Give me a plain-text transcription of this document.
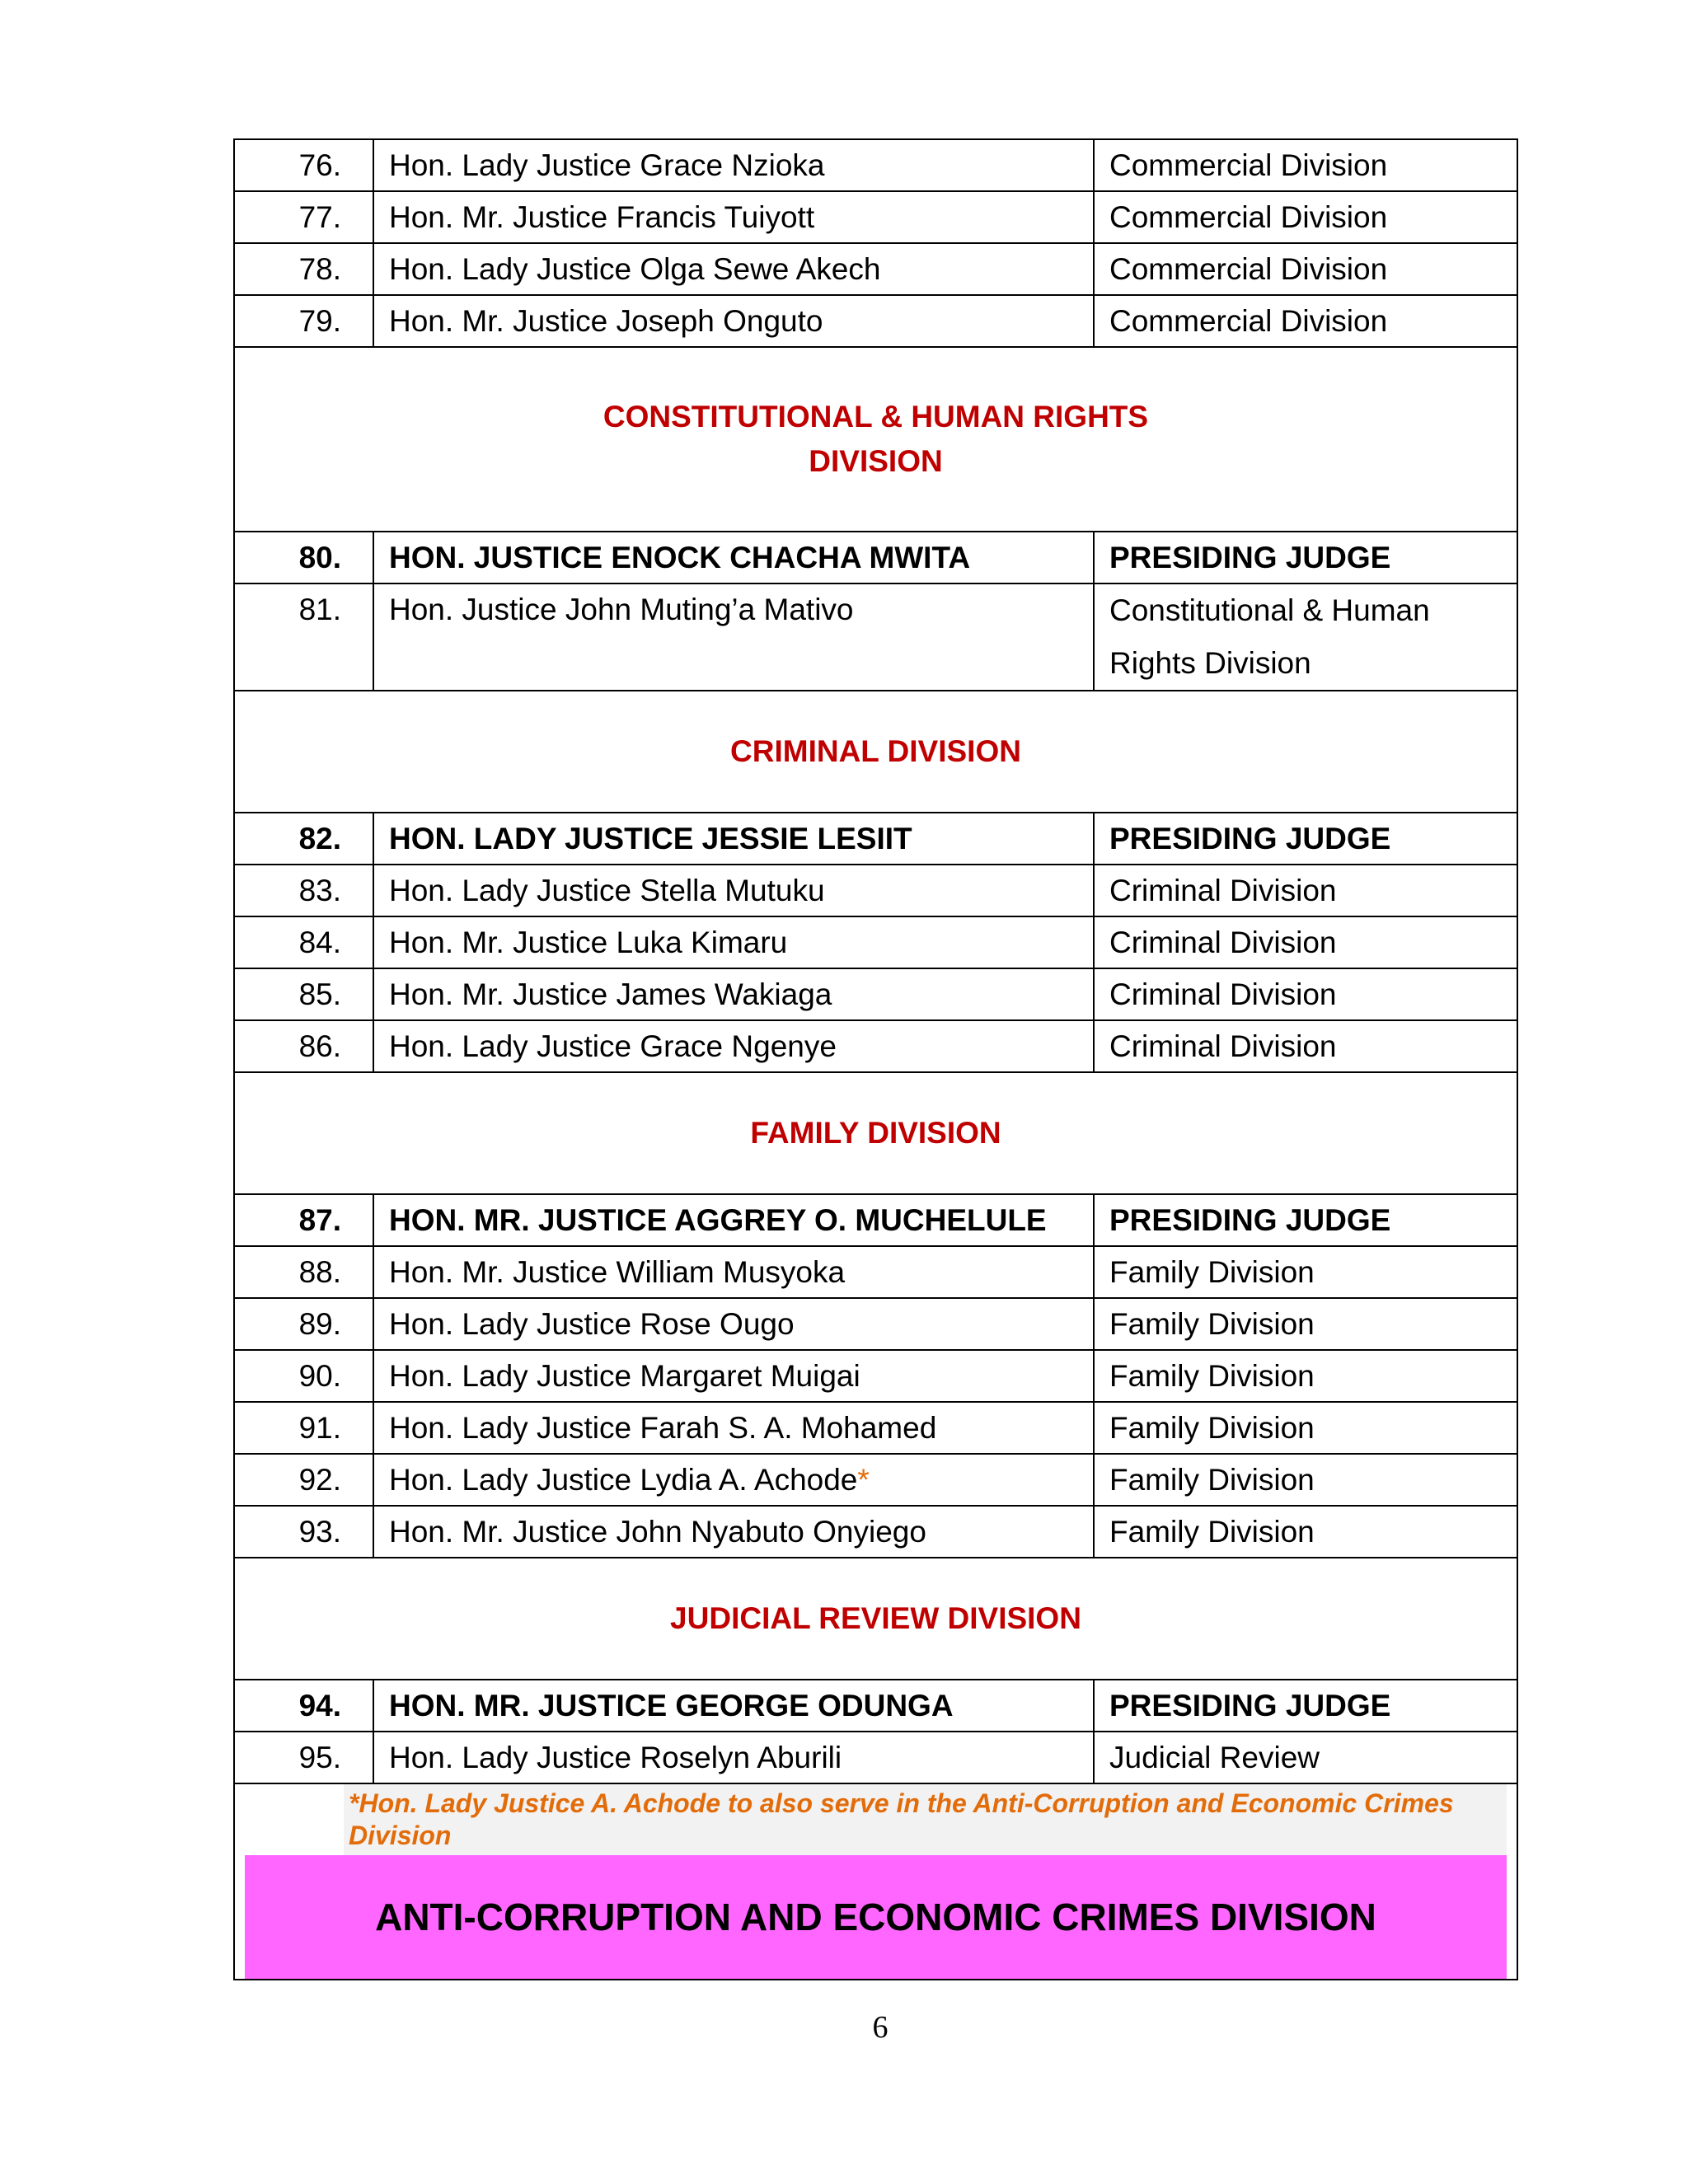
76.	Hon. Lady Justice Grace Nzioka	Commercial Division
77.	Hon. Mr. Justice Francis Tuiyott	Commercial Division
78.	Hon. Lady Justice Olga Sewe Akech	Commercial Division
79.	Hon. Mr. Justice Joseph Onguto	Commercial Division

CONSTITUTIONAL & HUMAN RIGHTS
DIVISION		

80.	HON. JUSTICE ENOCK CHACHA MWITA	PRESIDING JUDGE
81.	Hon. Justice John Muting’a Mativo	Constitutional & Human Rights Division
CRIMINAL DIVISION		
82.	HON. LADY JUSTICE JESSIE LESIIT	PRESIDING JUDGE
83.	Hon. Lady Justice Stella Mutuku	Criminal Division
84.	Hon. Mr. Justice Luka Kimaru	Criminal Division
85.	Hon. Mr. Justice James Wakiaga	Criminal Division
86.	Hon. Lady Justice Grace Ngenye	Criminal Division
FAMILY DIVISION		
87.	HON. MR. JUSTICE AGGREY O. MUCHELULE	PRESIDING JUDGE
88.	Hon. Mr. Justice William Musyoka	Family Division
89.	Hon. Lady Justice Rose Ougo	Family Division
90.	Hon. Lady Justice Margaret Muigai	Family Division
91.	Hon. Lady Justice Farah S. A. Mohamed	Family Division
92.	Hon. Lady Justice Lydia A. Achode*	Family Division
93.	Hon. Mr. Justice John Nyabuto Onyiego	Family Division
JUDICIAL REVIEW DIVISION		
94.	HON. MR. JUSTICE GEORGE ODUNGA	PRESIDING JUDGE
95.	Hon. Lady Justice Roselyn Aburili	Judicial Review

*Hon. Lady Justice A. Achode to also serve in the Anti-Corruption and Economic Crimes Division
ANTI-CORRUPTION AND ECONOMIC CRIMES DIVISION		
6
